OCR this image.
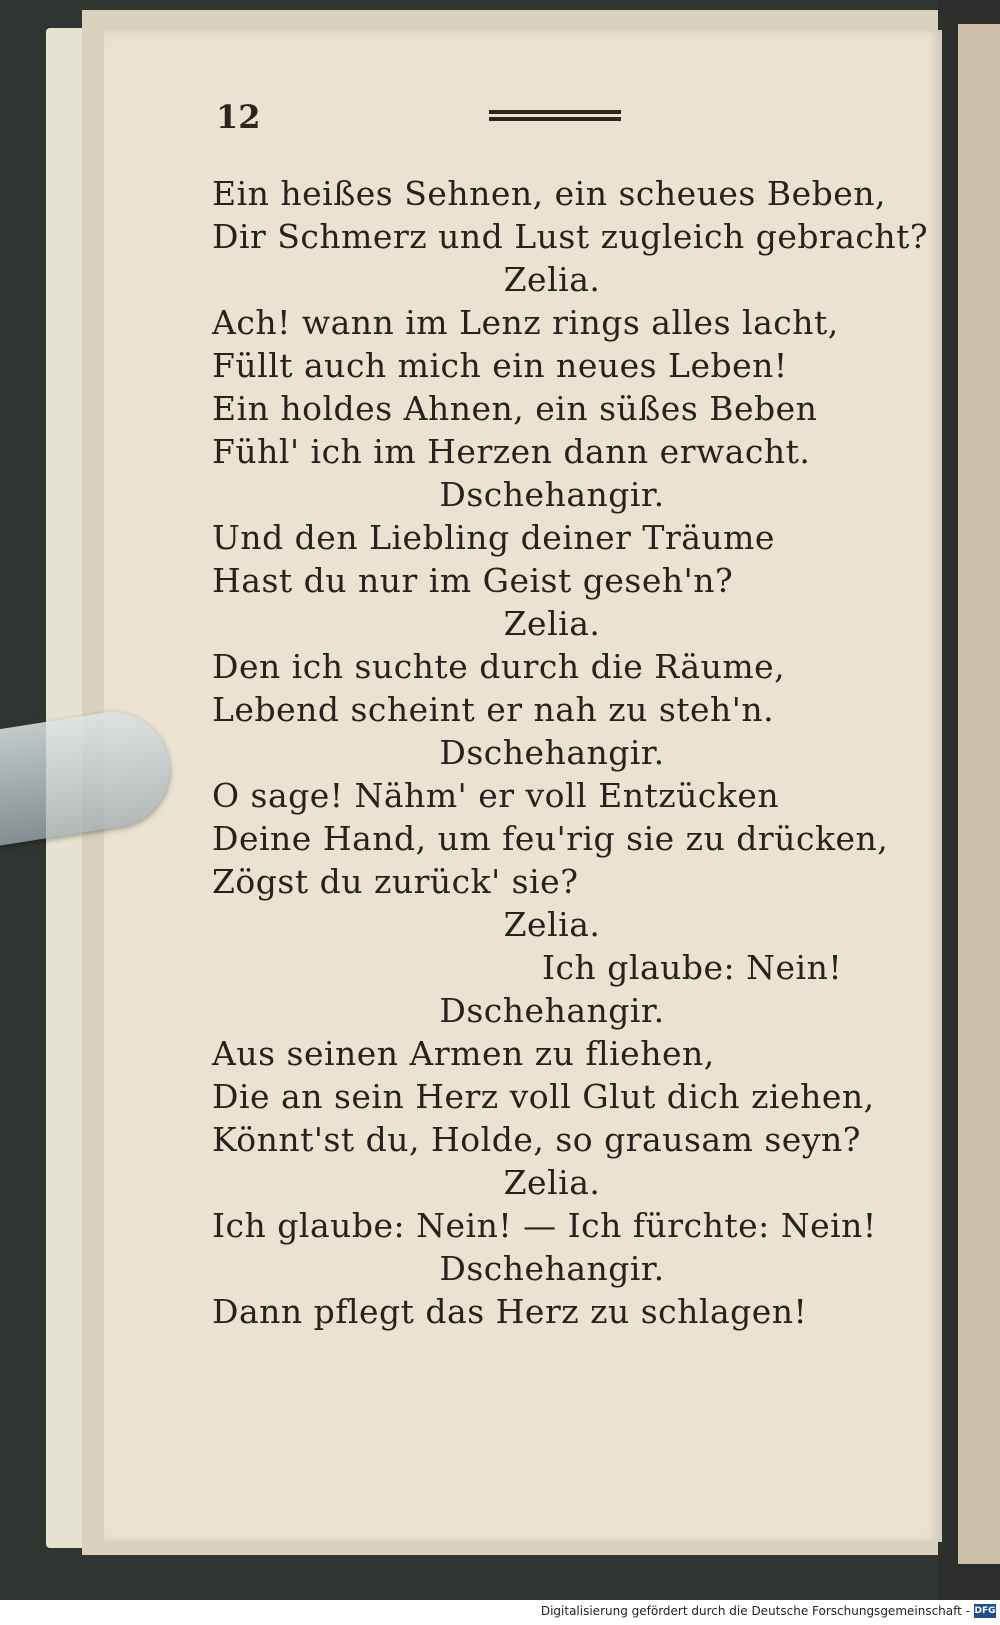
12
Ein heißes Sehnen, ein scheues Beben,
Dir Schmerz und Lust zugleich gebracht?
Zelia.
Ach! wann im Lenz rings alles lacht,
Füllt auch mich ein neues Leben!
Ein holdes Ahnen, ein süßes Beben
Fühl' ich im Herzen dann erwacht.
Dschehangir.
Und den Liebling deiner Träume
Hast du nur im Geist geseh'n?
Zelia.
Den ich suchte durch die Räume,
Lebend scheint er nah zu steh'n.
Dschehangir.
O sage! Nähm' er voll Entzücken
Deine Hand, um feu'rig sie zu drücken,
Zögst du zurück' sie?
Zelia.
Ich glaube: Nein!
Dschehangir.
Aus seinen Armen zu fliehen,
Die an sein Herz voll Glut dich ziehen,
Könnt'st du, Holde, so grausam seyn?
Zelia.
Ich glaube: Nein! — Ich fürchte: Nein!
Dschehangir.
Dann pflegt das Herz zu schlagen!
Digitalisierung gefördert durch die Deutsche Forschungsgemeinschaft - DFG
